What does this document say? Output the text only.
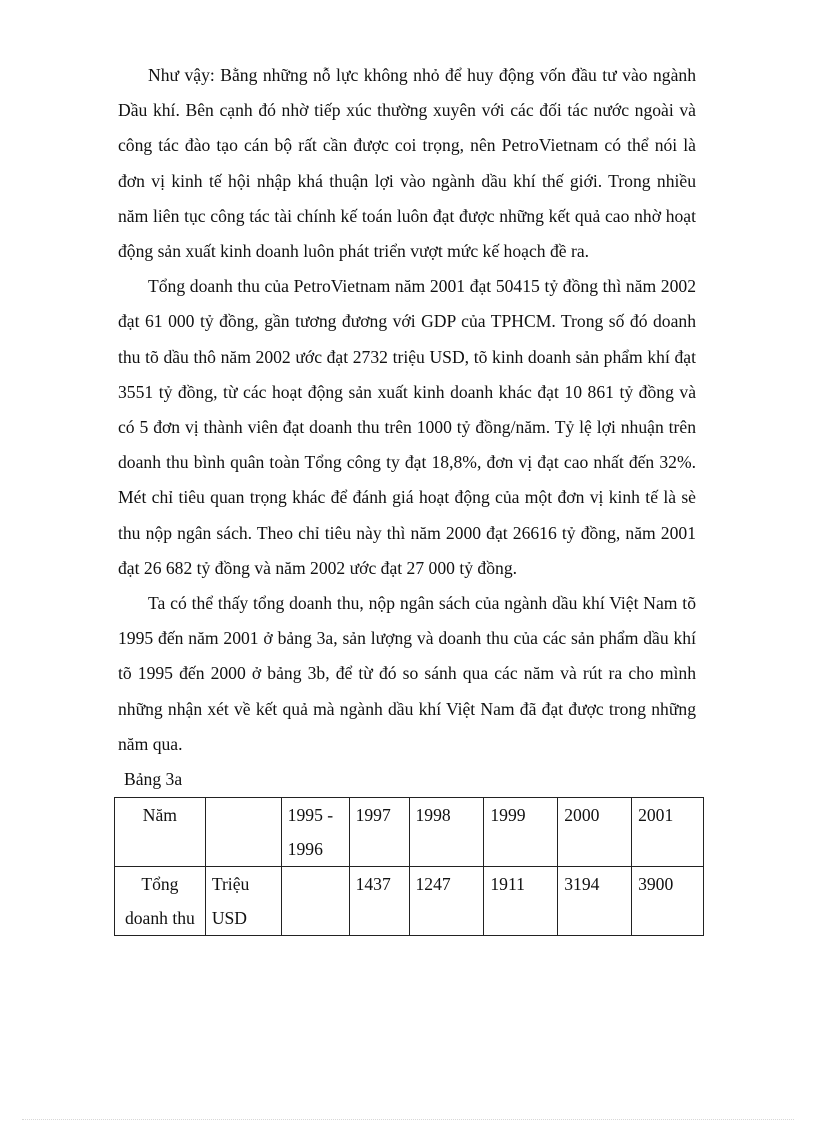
Như vậy: Bằng những nỗ lực không nhỏ để huy động vốn đầu tư vào ngành Dầu khí. Bên cạnh đó nhờ tiếp xúc thường xuyên với các đối tác nước ngoài và công tác đào tạo cán bộ rất cần được coi trọng, nên PetroVietnam có thể nói là đơn vị kinh tế hội nhập khá thuận lợi vào ngành dầu khí thế giới. Trong nhiều năm liên tục công tác tài chính kế toán luôn đạt được những kết quả cao nhờ hoạt động sản xuất kinh doanh luôn phát triển vượt mức kế hoạch đề ra.

Tổng doanh thu của PetroVietnam năm 2001 đạt 50415 tỷ đồng thì năm 2002 đạt 61 000 tỷ đồng, gần tương đương với GDP của TPHCM. Trong số đó doanh thu tõ dầu thô năm 2002 ước đạt 2732 triệu USD, tõ kinh doanh sản phẩm khí đạt 3551 tỷ đồng, từ các hoạt động sản xuất kinh doanh khác đạt 10 861 tỷ đồng và có 5 đơn vị thành viên đạt doanh thu trên 1000 tỷ đồng/năm. Tỷ lệ lợi nhuận trên doanh thu bình quân toàn Tổng công ty đạt 18,8%, đơn vị đạt cao nhất đến 32%. Mét chỉ tiêu quan trọng khác để đánh giá hoạt động của một đơn vị kinh tế là sè thu nộp ngân sách. Theo chỉ tiêu này thì năm 2000 đạt 26616 tỷ đồng, năm 2001 đạt 26 682 tỷ đồng và năm 2002 ước đạt 27 000 tỷ đồng.

Ta có thể thấy tổng doanh thu, nộp ngân sách của ngành dầu khí Việt Nam tõ 1995 đến năm 2001 ở bảng 3a, sản lượng và doanh thu của các sản phẩm dầu khí tõ 1995 đến 2000 ở bảng 3b, để từ đó so sánh qua các năm và rút ra cho mình những nhận xét về kết quả mà ngành dầu khí Việt Nam đã đạt được trong những năm qua.

Bảng 3a

Năm		1995 - 1996	1997	1998	1999	2000	2001
Tổng doanh thu	Triệu USD		1437	1247	1911	3194	3900
